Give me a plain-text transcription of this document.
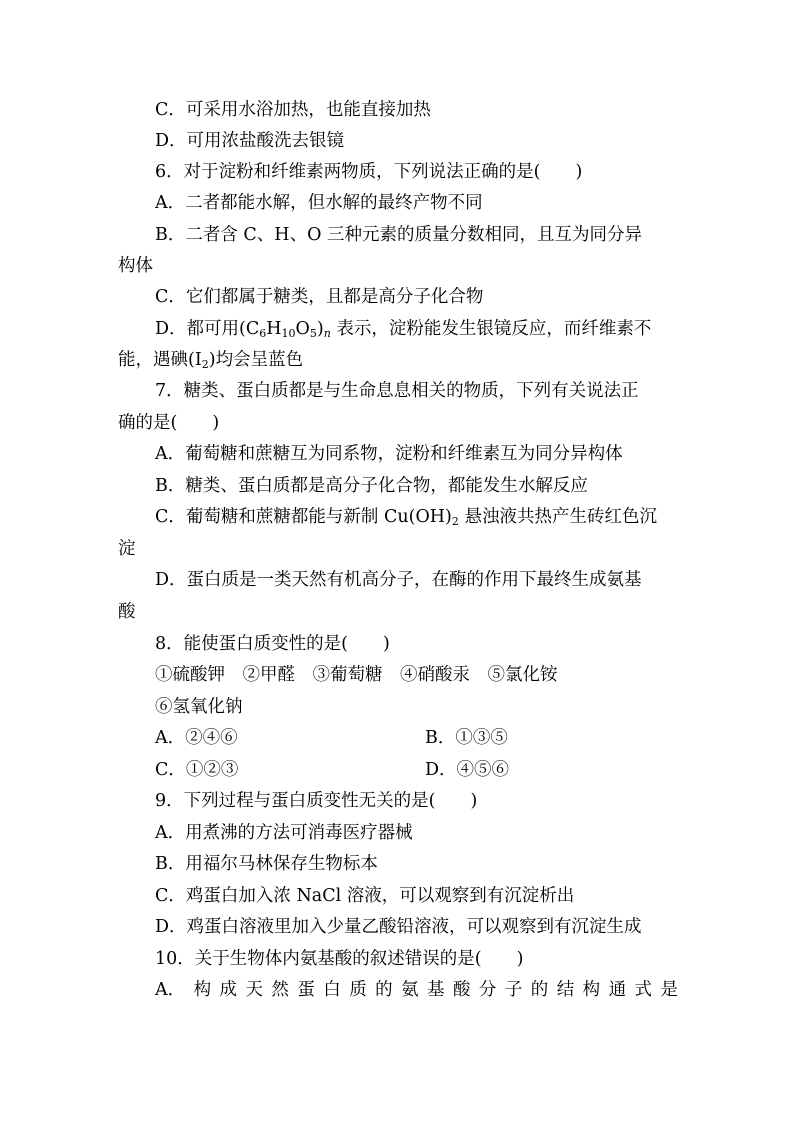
C．可采用水浴加热，也能直接加热
D．可用浓盐酸洗去银镜
6．对于淀粉和纤维素两物质，下列说法正确的是(　　)
A．二者都能水解，但水解的最终产物不同
B．二者含 C、H、O 三种元素的质量分数相同，且互为同分异
构体
C．它们都属于糖类，且都是高分子化合物
D．都可用$(C_6H_{10}O_5)_n$ 表示，淀粉能发生银镜反应，而纤维素不
能，遇碘$(I_2)$均会呈蓝色
7．糖类、蛋白质都是与生命息息相关的物质，下列有关说法正
确的是(　　)
A．葡萄糖和蔗糖互为同系物，淀粉和纤维素互为同分异构体
B．糖类、蛋白质都是高分子化合物，都能发生水解反应
C．葡萄糖和蔗糖都能与新制 $Cu(OH)_2$ 悬浊液共热产生砖红色沉
淀
D．蛋白质是一类天然有机高分子，在酶的作用下最终生成氨基
酸
8．能使蛋白质变性的是(　　)
①硫酸钾　②甲醛　③葡萄糖　④硝酸汞　⑤氯化铵
⑥氢氧化钠
A．②④⑥	B．①③⑤
C．①②③	D．④⑤⑥
9．下列过程与蛋白质变性无关的是(　　)
A．用煮沸的方法可消毒医疗器械
B．用福尔马林保存生物标本
C．鸡蛋白加入浓 NaCl 溶液，可以观察到有沉淀析出
D．鸡蛋白溶液里加入少量乙酸铅溶液，可以观察到有沉淀生成
10．关于生物体内氨基酸的叙述错误的是(　　)
A． 构 成 天 然 蛋 白 质 的 氨 基 酸 分 子 的 结 构 通 式 是
